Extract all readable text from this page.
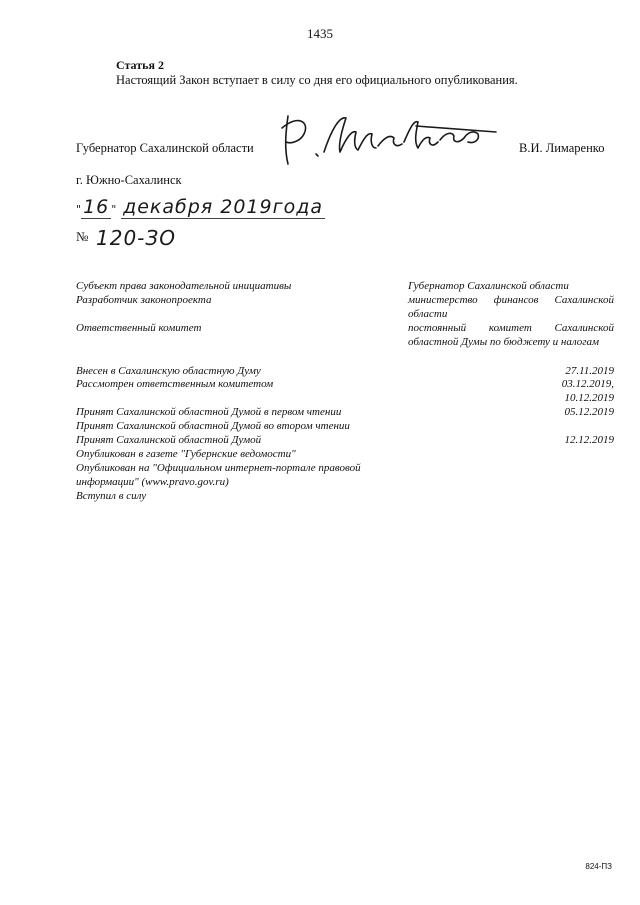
1435
Статья 2
Настоящий Закон вступает в силу со дня его официального опубликования.
Губернатор Сахалинской области	В.И. Лимаренко
г. Южно-Сахалинск
" 16 " декабря 2019года
№ 120-ЗО
Субъект права законодательной инициативы	Губернатор Сахалинской области
Разработчик законопроекта	министерство финансов Сахалинской области
Ответственный комитет	постоянный комитет Сахалинской областной Думы по бюджету и налогам
Внесен в Сахалинскую областную Думу	27.11.2019
Рассмотрен ответственным комитетом	03.12.2019,
10.12.2019
Принят Сахалинской областной Думой в первом чтении	05.12.2019
Принят Сахалинской областной Думой во втором чтении
Принят Сахалинской областной Думой	12.12.2019
Опубликован в газете "Губернские ведомости"
Опубликован на "Официальном интернет-портале правовой информации" (www.pravo.gov.ru)
Вступил в силу
824-ПЗ
